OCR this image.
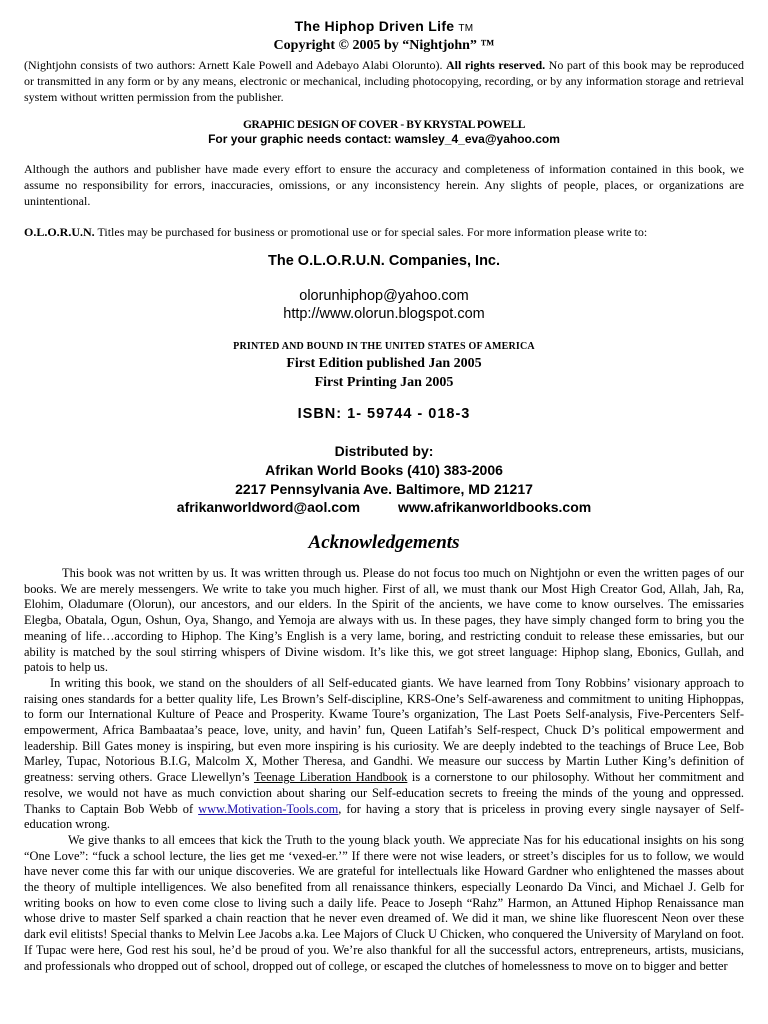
The Hiphop Driven Life TM

Copyright © 2005 by “Nightjohn” ™

(Nightjohn consists of two authors: Arnett Kale Powell and Adebayo Alabi Olorunto). All rights reserved. No part of this book may be reproduced or transmitted in any form or by any means, electronic or mechanical, including photocopying, recording, or by any information storage and retrieval system without written permission from the publisher.

GRAPHIC DESIGN OF COVER - BY KRYSTAL POWELL

For your graphic needs contact: wamsley_4_eva@yahoo.com

Although the authors and publisher have made every effort to ensure the accuracy and completeness of information contained in this book, we assume no responsibility for errors, inaccuracies, omissions, or any inconsistency herein. Any slights of people, places, or organizations are unintentional.

O.L.O.R.U.N. Titles may be purchased for business or promotional use or for special sales. For more information please write to:

The O.L.O.R.U.N. Companies, Inc.

olorunhiphop@yahoo.com

http://www.olorun.blogspot.com

PRINTED AND BOUND IN THE UNITED STATES OF AMERICA

First Edition published Jan 2005

First Printing Jan 2005

ISBN: 1- 59744 - 018-3

Distributed by:

Afrikan World Books (410) 383-2006

2217 Pennsylvania Ave. Baltimore, MD 21217

afrikanworldword@aol.com	www.afrikanworldbooks.com

Acknowledgements

This book was not written by us. It was written through us. Please do not focus too much on Nightjohn or even the written pages of our books. We are merely messengers. We write to take you much higher. First of all, we must thank our Most High Creator God, Allah, Jah, Ra, Elohim, Oladumare (Olorun), our ancestors, and our elders. In the Spirit of the ancients, we have come to know ourselves. The emissaries Elegba, Obatala, Ogun, Oshun, Oya, Shango, and Yemoja are always with us. In these pages, they have simply changed form to bring you the meaning of life…according to Hiphop. The King’s English is a very lame, boring, and restricting conduit to release these emissaries, but our ability is matched by the soul stirring whispers of Divine wisdom. It’s like this, we got street language: Hiphop slang, Ebonics, Gullah, and patois to help us.

In writing this book, we stand on the shoulders of all Self-educated giants. We have learned from Tony Robbins’ visionary approach to raising ones standards for a better quality life, Les Brown’s Self-discipline, KRS-One’s Self-awareness and commitment to uniting Hiphoppas, to form our International Kulture of Peace and Prosperity. Kwame Toure’s organization, The Last Poets Self-analysis, Five-Percenters Self-empowerment, Africa Bambaataa’s peace, love, unity, and havin’ fun, Queen Latifah’s Self-respect, Chuck D’s political empowerment and leadership. Bill Gates money is inspiring, but even more inspiring is his curiosity. We are deeply indebted to the teachings of Bruce Lee, Bob Marley, Tupac, Notorious B.I.G, Malcolm X, Mother Theresa, and Gandhi. We measure our success by Martin Luther King’s definition of greatness: serving others. Grace Llewellyn’s Teenage Liberation Handbook is a cornerstone to our philosophy. Without her commitment and resolve, we would not have as much conviction about sharing our Self-education secrets to freeing the minds of the young and oppressed. Thanks to Captain Bob Webb of www.Motivation-Tools.com, for having a story that is priceless in proving every single naysayer of Self-education wrong.

We give thanks to all emcees that kick the Truth to the young black youth. We appreciate Nas for his educational insights on his song “One Love”: “fuck a school lecture, the lies get me ‘vexed-er.’” If there were not wise leaders, or street’s disciples for us to follow, we would have never come this far with our unique discoveries. We are grateful for intellectuals like Howard Gardner who enlightened the masses about the theory of multiple intelligences. We also benefited from all renaissance thinkers, especially Leonardo Da Vinci, and Michael J. Gelb for writing books on how to even come close to living such a daily life. Peace to Joseph “Rahz” Harmon, an Attuned Hiphop Renaissance man whose drive to master Self sparked a chain reaction that he never even dreamed of. We did it man, we shine like fluorescent Neon over these dark evil elitists! Special thanks to Melvin Lee Jacobs a.ka. Lee Majors of Cluck U Chicken, who conquered the University of Maryland on foot. If Tupac were here, God rest his soul, he’d be proud of you. We’re also thankful for all the successful actors, entrepreneurs, artists, musicians, and professionals who dropped out of school, dropped out of college, or escaped the clutches of homelessness to move on to bigger and better
